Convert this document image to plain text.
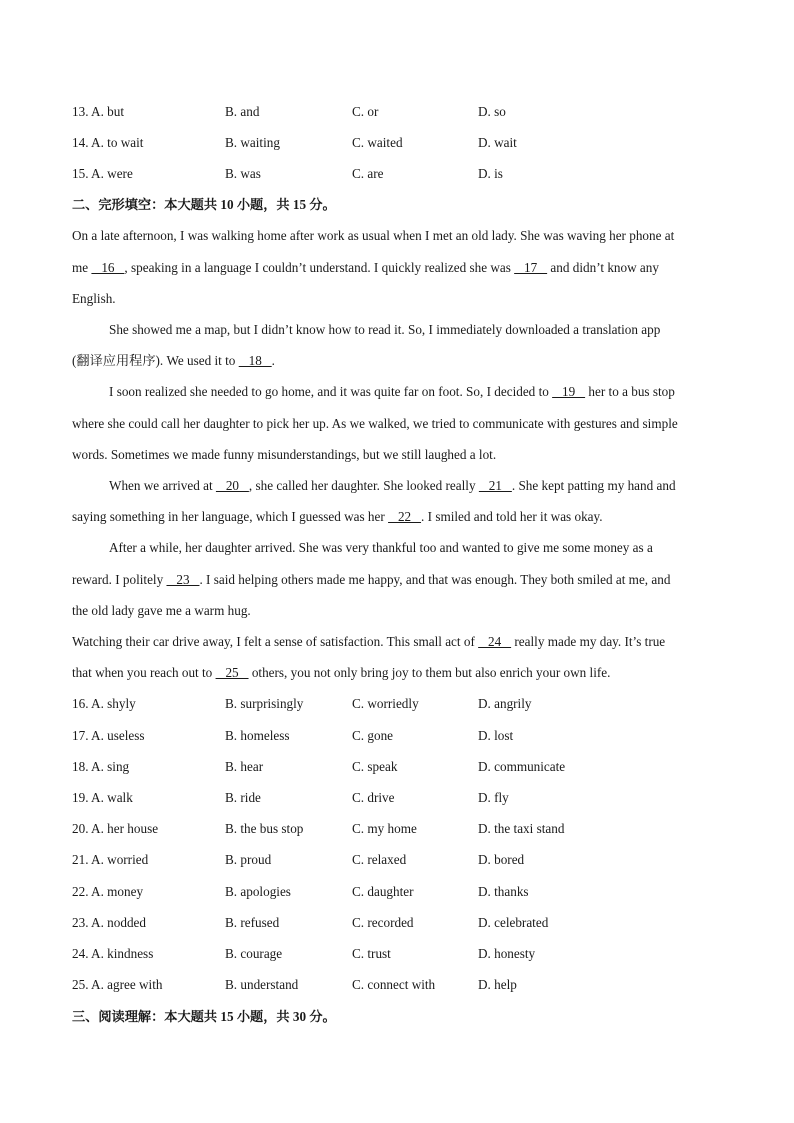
13. A. but	B. and	C. or	D. so
14. A. to wait	B. waiting	C. waited	D. wait
15. A. were	B. was	C. are	D. is
二、完形填空：本大题共 10 小题，共 15 分。
On a late afternoon, I was walking home after work as usual when I met an old lady. She was waving her phone at
me    16   , speaking in a language I couldn’t understand. I quickly realized she was    17    and didn’t know any
English.
She showed me a map, but I didn’t know how to read it. So, I immediately downloaded a translation app
(翻译应用程序). We used it to    18   .
I soon realized she needed to go home, and it was quite far on foot. So, I decided to    19    her to a bus stop
where she could call her daughter to pick her up. As we walked, we tried to communicate with gestures and simple
words. Sometimes we made funny misunderstandings, but we still laughed a lot.
When we arrived at    20   , she called her daughter. She looked really    21   . She kept patting my hand and
saying something in her language, which I guessed was her    22   . I smiled and told her it was okay.
After a while, her daughter arrived. She was very thankful too and wanted to give me some money as a
reward. I politely    23   . I said helping others made me happy, and that was enough. They both smiled at me, and
the old lady gave me a warm hug.
Watching their car drive away, I felt a sense of satisfaction. This small act of    24    really made my day. It’s true
that when you reach out to    25    others, you not only bring joy to them but also enrich your own life.
16. A. shyly	B. surprisingly	C. worriedly	D. angrily
17. A. useless	B. homeless	C. gone	D. lost
18. A. sing	B. hear	C. speak	D. communicate
19. A. walk	B. ride	C. drive	D. fly
20. A. her house	B. the bus stop	C. my home	D. the taxi stand
21. A. worried	B. proud	C. relaxed	D. bored
22. A. money	B. apologies	C. daughter	D. thanks
23. A. nodded	B. refused	C. recorded	D. celebrated
24. A. kindness	B. courage	C. trust	D. honesty
25. A. agree with	B. understand	C. connect with	D. help
三、阅读理解：本大题共 15 小题，共 30 分。
